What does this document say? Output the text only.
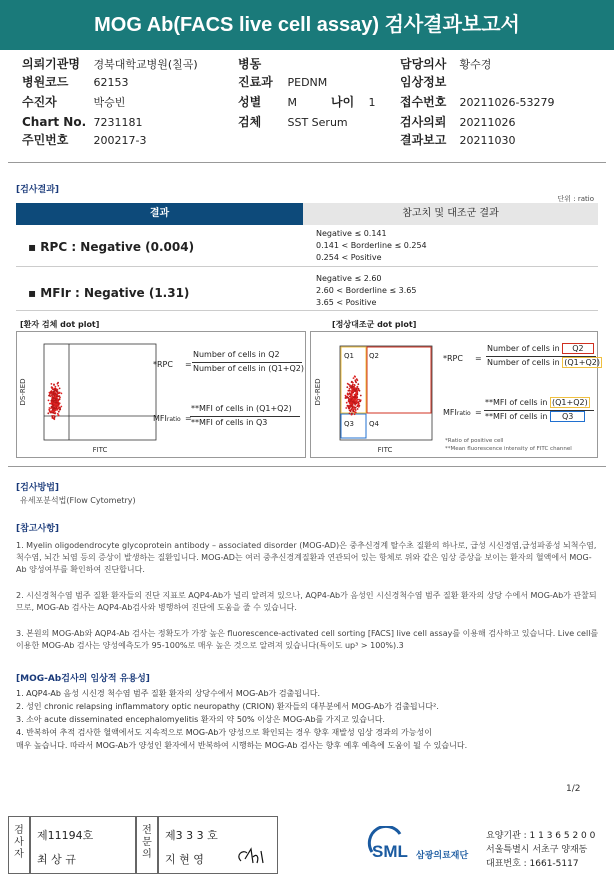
MOG Ab(FACS live cell assay) 검사결과보고서
의뢰기관명 경북대학교병원(칠곡)
병원코드 62153
수진자	박승빈
Chart No. 7231181
주민번호 200217-3
병동
진료과 PEDNM
성별 M	나이 1
검체 SST Serum
담당의사 황수경
임상정보
접수번호 20211026-53279
검사의뢰 20211026
결과보고 20211030
[검사결과]
단위 : ratio
결과	참고치 및 대조군 결과
▪ RPC : Negative (0.004)
Negative ≤ 0.141
0.141 < Borderline ≤ 0.254
0.254 < Positive
▪ MFIr : Negative (1.31)
Negative ≤ 2.60
2.60 < Borderline ≤ 3.65
3.65 < Positive
[환자 검체 dot plot]
DS-RED
FITC
*RPC =
Number of cells in Q2
Number of cells in (Q1+Q2)
MFIratio =
**MFI of cells in (Q1+Q2)
**MFI of cells in Q3
[정상대조군 dot plot]
Q1 Q2
Q3 Q4
DS-RED
FITC
*RPC =
Number of cells in Q2
Number of cells in (Q1+Q2)
MFIratio =
**MFI of cells in (Q1+Q2)
**MFI of cells in Q3
*Ratio of positive cell
**Mean fluorescence intensity of FITC channel
[검사방법]
유세포분석법(Flow Cytometry)
[참고사항]
1. Myelin oligodendrocyte glycoprotein antibody – associated disorder (MOG-AD)은 중추신경계 탈수초 질환의 하나로, 급성 시신경염,급성파종성 뇌척수염, 척수염, 뇌간 뇌염 등의 증상이 발생하는 질환입니다. MOG-AD는 여러 중추신경계질환과 연관되어 있는 항체로 위와 같은 임상 증상을 보이는 환자의 혈액에서 MOG-Ab 양성여부를 확인하여 진단합니다.
2. 시신경척수염 범주 질환 환자들의 진단 지표로 AQP4-Ab가 널리 알려져 있으나, AQP4-Ab가 음성인 시신경척수염 범주 질환 환자의 상당 수에서 MOG-Ab가 관찰되므로, MOG-Ab 검사는 AQP4-Ab검사와 병행하여 진단에 도움을 줄 수 있습니다.
3. 본원의 MOG-Ab와 AQP4-Ab 검사는 정확도가 가장 높은 fluorescence-activated cell sorting [FACS] live cell assay를 이용해 검사하고 있습니다. Live cell를 이용한 MOG-Ab 검사는 양성예측도가 95-100%로 매우 높은 것으로 알려져 있습니다(특이도 up³ > 100%).3
[MOG-Ab검사의 임상적 유용성]
1. AQP4-Ab 음성 시신경 척수염 범주 질환 환자의 상당수에서 MOG-Ab가 검출됩니다.
2. 성인 chronic relapsing inflammatory optic neuropathy (CRION) 환자들의 대부분에서 MOG-Ab가 검출됩니다².
3. 소아 acute disseminated encephalomyelitis 환자의 약 50% 이상은 MOG-Ab를 가지고 있습니다.
4. 반복하여 추적 검사한 혈액에서도 지속적으로 MOG-Ab가 양성으로 확인되는 경우 향후 재발성 임상 경과의 가능성이
매우 높습니다. 따라서 MOG-Ab가 양성인 환자에서 반복하여 시행하는 MOG-Ab 검사는 향후 예후 예측에 도움이 될 수 있습니다.
1/2
검
사
자
제11194호
최 상 규
전
문
의
제3 3 3 호
지 현 영	SML 삼광의료재단
요양기관 : 1 1 3 6 5 2 0 0
서울특별시 서초구 양재동
대표번호 : 1661-5117
